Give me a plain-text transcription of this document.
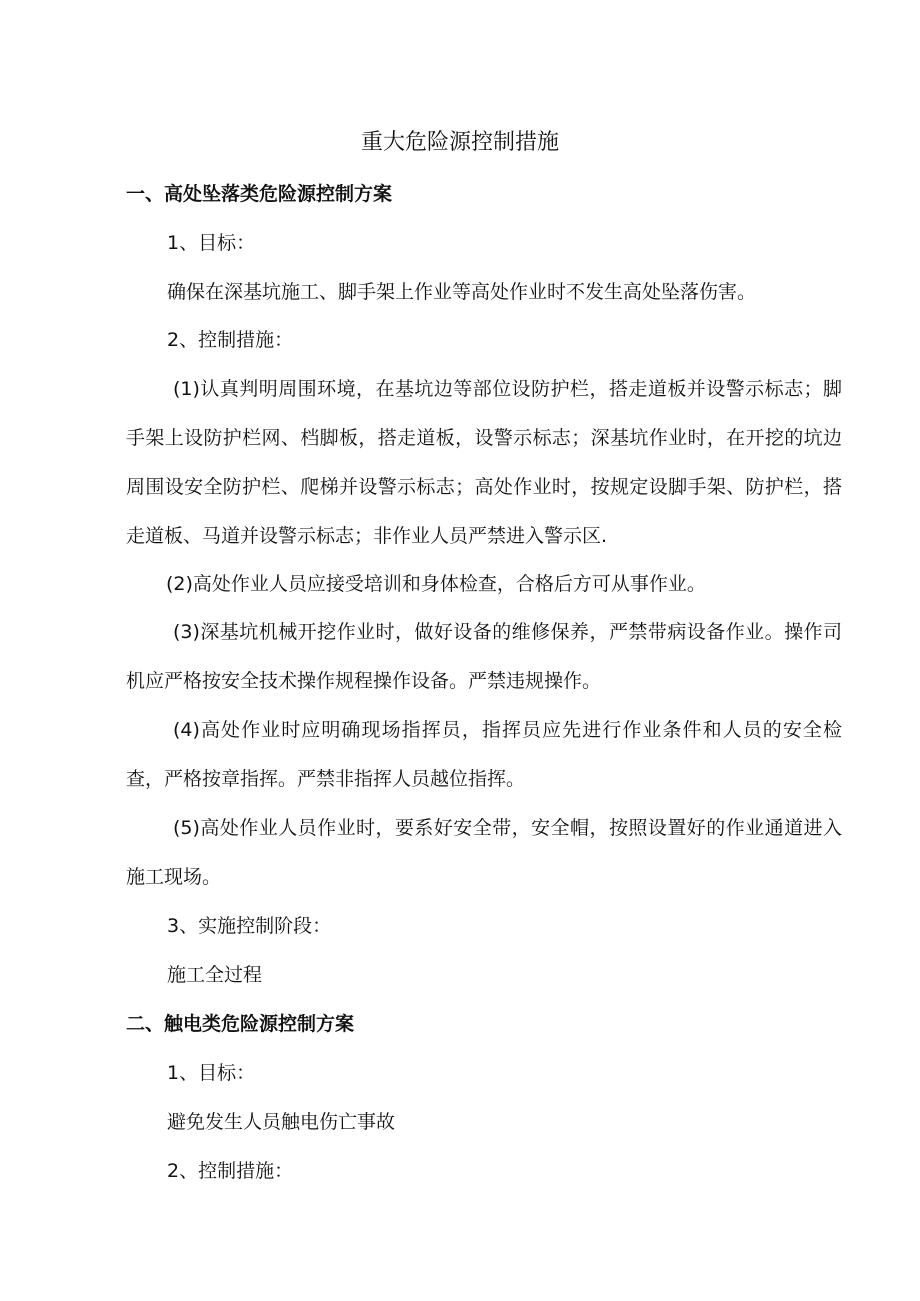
重大危险源控制措施

一、高处坠落类危险源控制方案

1、目标：

确保在深基坑施工、脚手架上作业等高处作业时不发生高处坠落伤害。

2、控制措施：

(1)认真判明周围环境，在基坑边等部位设防护栏，搭走道板并设警示标志；脚手架上设防护栏网、档脚板，搭走道板，设警示标志；深基坑作业时，在开挖的坑边周围设安全防护栏、爬梯并设警示标志；高处作业时，按规定设脚手架、防护栏，搭走道板、马道并设警示标志；非作业人员严禁进入警示区.

(2)高处作业人员应接受培训和身体检查，合格后方可从事作业。

(3)深基坑机械开挖作业时，做好设备的维修保养，严禁带病设备作业。操作司机应严格按安全技术操作规程操作设备。严禁违规操作。

(4)高处作业时应明确现场指挥员，指挥员应先进行作业条件和人员的安全检查，严格按章指挥。严禁非指挥人员越位指挥。

(5)高处作业人员作业时，要系好安全带，安全帽，按照设置好的作业通道进入施工现场。

3、实施控制阶段：

施工全过程

二、触电类危险源控制方案

1、目标：

避免发生人员触电伤亡事故

2、控制措施：
